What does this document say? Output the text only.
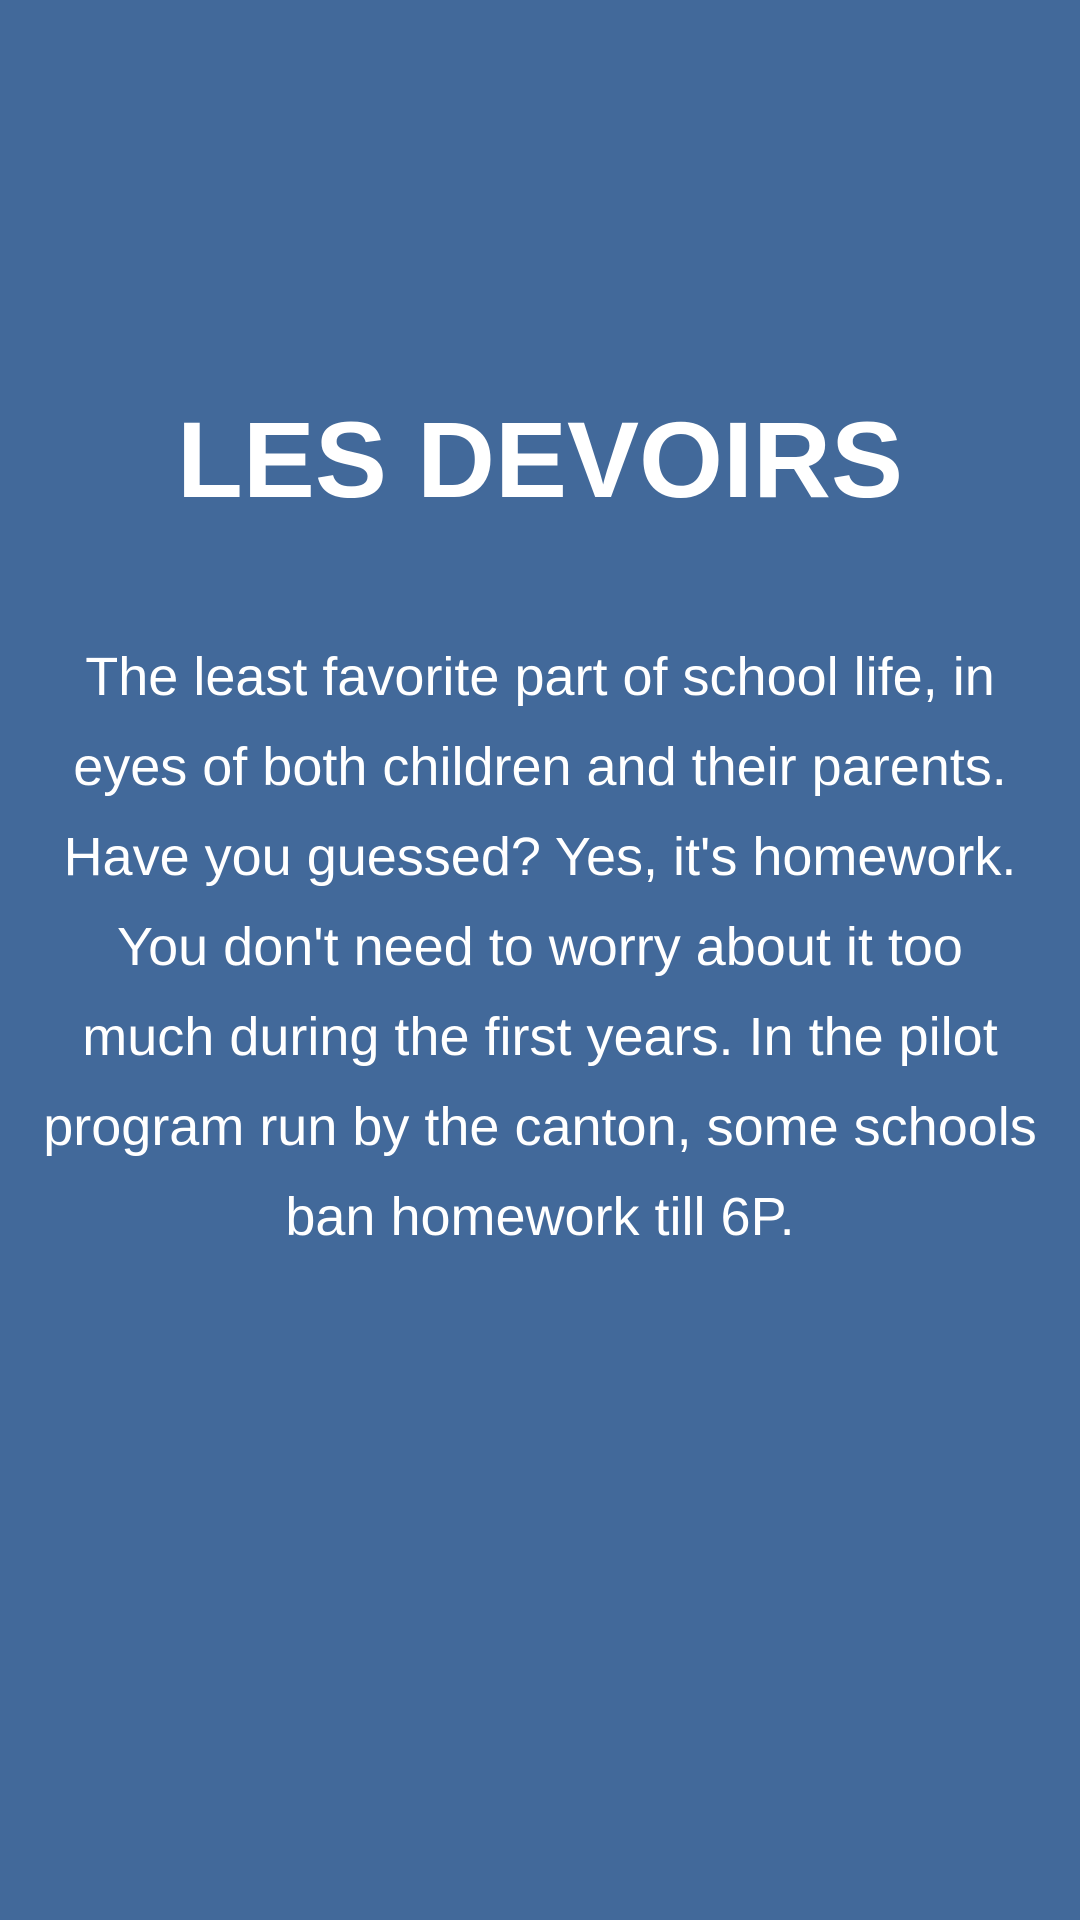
LES DEVOIRS

The least favorite part of school life, in
eyes of both children and their parents.
Have you guessed? Yes, it's homework.
You don't need to worry about it too
much during the first years. In the pilot
program run by the canton, some schools
ban homework till 6P.
